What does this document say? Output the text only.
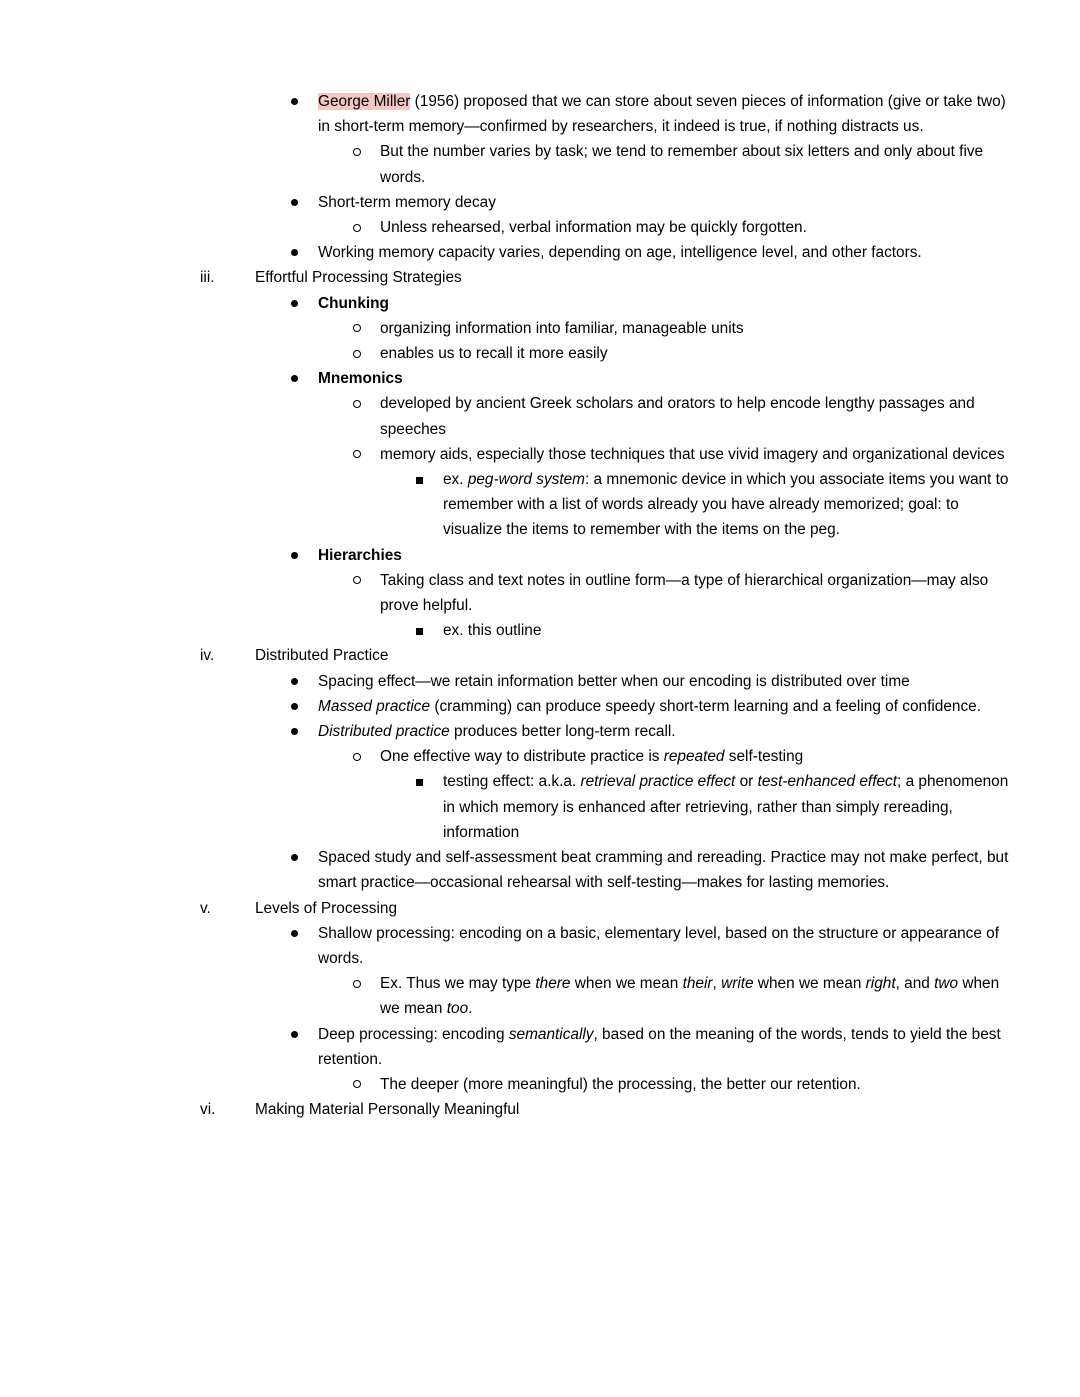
George Miller (1956) proposed that we can store about seven pieces of information (give or take two) in short-term memory—confirmed by researchers, it indeed is true, if nothing distracts us.
But the number varies by task; we tend to remember about six letters and only about five words.
Short-term memory decay
Unless rehearsed, verbal information may be quickly forgotten.
Working memory capacity varies, depending on age, intelligence level, and other factors.
iii.	Effortful Processing Strategies
Chunking
organizing information into familiar, manageable units
enables us to recall it more easily
Mnemonics
developed by ancient Greek scholars and orators to help encode lengthy passages and speeches
memory aids, especially those techniques that use vivid imagery and organizational devices
ex. peg-word system: a mnemonic device in which you associate items you want to remember with a list of words already you have already memorized; goal: to visualize the items to remember with the items on the peg.
Hierarchies
Taking class and text notes in outline form—a type of hierarchical organization—may also prove helpful.
ex. this outline
iv.	Distributed Practice
Spacing effect—we retain information better when our encoding is distributed over time
Massed practice (cramming) can produce speedy short-term learning and a feeling of confidence.
Distributed practice produces better long-term recall.
One effective way to distribute practice is repeated self-testing
testing effect: a.k.a. retrieval practice effect or test-enhanced effect; a phenomenon in which memory is enhanced after retrieving, rather than simply rereading, information
Spaced study and self-assessment beat cramming and rereading. Practice may not make perfect, but smart practice—occasional rehearsal with self-testing—makes for lasting memories.
v.	Levels of Processing
Shallow processing: encoding on a basic, elementary level, based on the structure or appearance of words.
Ex. Thus we may type there when we mean their, write when we mean right, and two when we mean too.
Deep processing: encoding semantically, based on the meaning of the words, tends to yield the best retention.
The deeper (more meaningful) the processing, the better our retention.
vi.	Making Material Personally Meaningful
